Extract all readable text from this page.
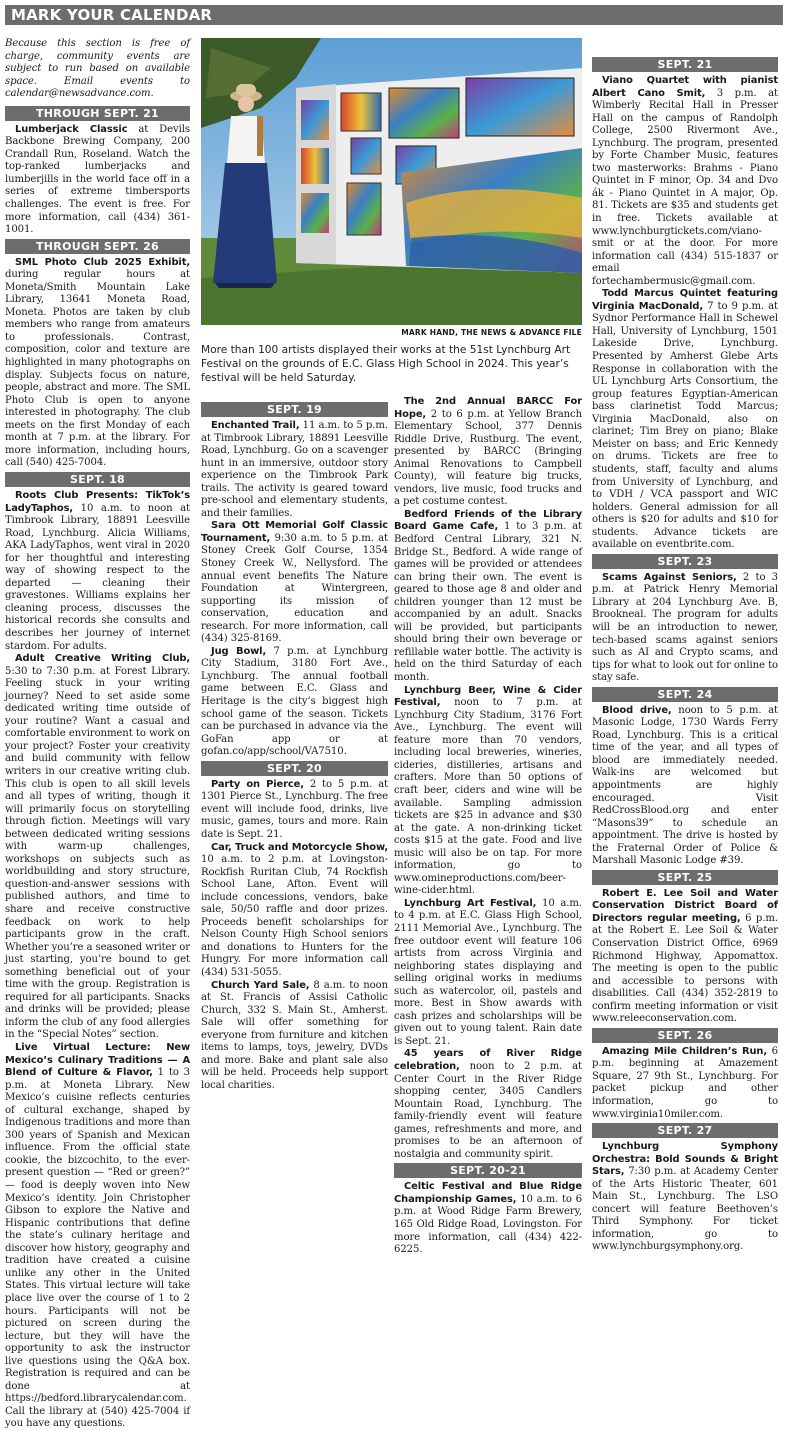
MARK YOUR CALENDAR

Because this section is free of charge, community events are subject to run based on available space. Email events to calendar@newsadvance.com.

THROUGH SEPT. 21

Lumberjack Classic at Devils Backbone Brewing Company, 200 Crandall Run, Roseland. Watch the top-ranked lumberjacks and lumberjills in the world face off in a series of extreme timbersports challenges. The event is free. For more information, call (434) 361-1001.

THROUGH SEPT. 26

SML Photo Club 2025 Exhibit, during regular hours at Moneta/Smith Mountain Lake Library, 13641 Moneta Road, Moneta. Photos are taken by club members who range from amateurs to professionals. Contrast, composition, color and texture are highlighted in many photographs on display. Subjects focus on nature, people, abstract and more. The SML Photo Club is open to anyone interested in photography. The club meets on the first Monday of each month at 7 p.m. at the library. For more information, including hours, call (540) 425-7004.

SEPT. 18

Roots Club Presents: TikTok’s LadyTaphos, 10 a.m. to noon at Timbrook Library, 18891 Leesville Road, Lynchburg. Alicia Williams, AKA LadyTaphos, went viral in 2020 for her thoughtful and interesting way of showing respect to the departed — cleaning their gravestones. Williams explains her cleaning process, discusses the historical records she consults and describes her journey of internet stardom. For adults.

Adult Creative Writing Club, 5:30 to 7:30 p.m. at Forest Library. Feeling stuck in your writing journey? Need to set aside some dedicated writing time outside of your routine? Want a casual and comfortable environment to work on your project? Foster your creativity and build community with fellow writers in our creative writing club. This club is open to all skill levels and all types of writing, though it will primarily focus on storytelling through fiction. Meetings will vary between dedicated writing sessions with warm-up challenges, workshops on subjects such as worldbuilding and story structure, question-and-answer sessions with published authors, and time to share and receive constructive feedback on work to help participants grow in the craft. Whether you’re a seasoned writer or just starting, you’re bound to get something beneficial out of your time with the group. Registration is required for all participants. Snacks and drinks will be provided; please inform the club of any food allergies in the “Special Notes” section.

Live Virtual Lecture: New Mexico’s Culinary Traditions — A Blend of Culture & Flavor, 1 to 3 p.m. at Moneta Library. New Mexico’s cuisine reflects centuries of cultural exchange, shaped by Indigenous traditions and more than 300 years of Spanish and Mexican influence. From the official state cookie, the bizcochito, to the ever-present question — “Red or green?” — food is deeply woven into New Mexico’s identity. Join Christopher Gibson to explore the Native and Hispanic contributions that define the state’s culinary heritage and discover how history, geography and tradition have created a cuisine unlike any other in the United States. This virtual lecture will take place live over the course of 1 to 2 hours. Participants will not be pictured on screen during the lecture, but they will have the opportunity to ask the instructor live questions using the Q&A box. Registration is required and can be done at https://bedford.librarycalendar.com. Call the library at (540) 425-7004 if you have any questions.

MARK HAND, THE NEWS & ADVANCE FILE
More than 100 artists displayed their works at the 51st Lynchburg Art Festival on the grounds of E.C. Glass High School in 2024. This year’s festival will be held Saturday.

SEPT. 19

Enchanted Trail, 11 a.m. to 5 p.m. at Timbrook Library, 18891 Leesville Road, Lynchburg. Go on a scavenger hunt in an immersive, outdoor story experience on the Timbrook Park trails. The activity is geared toward pre-school and elementary students, and their families.

Sara Ott Memorial Golf Classic Tournament, 9:30 a.m. to 5 p.m. at Stoney Creek Golf Course, 1354 Stoney Creek W., Nellysford. The annual event benefits The Nature Foundation at Wintergreen, supporting its mission of conservation, education and research. For more information, call (434) 325-8169.

Jug Bowl, 7 p.m. at Lynchburg City Stadium, 3180 Fort Ave., Lynchburg. The annual football game between E.C. Glass and Heritage is the city’s biggest high school game of the season. Tickets can be purchased in advance via the GoFan app or at gofan.co/app/school/VA7510.

SEPT. 20

Party on Pierce, 2 to 5 p.m. at 1301 Pierce St., Lynchburg. The free event will include food, drinks, live music, games, tours and more. Rain date is Sept. 21.

Car, Truck and Motorcycle Show, 10 a.m. to 2 p.m. at Lovingston-Rockfish Ruritan Club, 74 Rockfish School Lane, Afton. Event will include concessions, vendors, bake sale, 50/50 raffle and door prizes. Proceeds benefit scholarships for Nelson County High School seniors and donations to Hunters for the Hungry. For more information call (434) 531-5055.

Church Yard Sale, 8 a.m. to noon at St. Francis of Assisi Catholic Church, 332 S. Main St., Amherst. Sale will offer something for everyone from furniture and kitchen items to lamps, toys, jewelry, DVDs and more. Bake and plant sale also will be held. Proceeds help support local charities.

The 2nd Annual BARCC For Hope, 2 to 6 p.m. at Yellow Branch Elementary School, 377 Dennis Riddle Drive, Rustburg. The event, presented by BARCC (Bringing Animal Renovations to Campbell County), will feature big trucks, vendors, live music, food trucks and a pet costume contest.

Bedford Friends of the Library Board Game Cafe, 1 to 3 p.m. at Bedford Central Library, 321 N. Bridge St., Bedford. A wide range of games will be provided or attendees can bring their own. The event is geared to those age 8 and older and children younger than 12 must be accompanied by an adult. Snacks will be provided, but participants should bring their own beverage or refillable water bottle. The activity is held on the third Saturday of each month.

Lynchburg Beer, Wine & Cider Festival, noon to 7 p.m. at Lynchburg City Stadium, 3176 Fort Ave., Lynchburg. The event will feature more than 70 vendors, including local breweries, wineries, cideries, distilleries, artisans and crafters. More than 50 options of craft beer, ciders and wine will be available. Sampling admission tickets are $25 in advance and $30 at the gate. A non-drinking ticket costs $15 at the gate. Food and live music will also be on tap. For more information, go to www.omineproductions.com/beer-wine-cider.html.

Lynchburg Art Festival, 10 a.m. to 4 p.m. at E.C. Glass High School, 2111 Memorial Ave., Lynchburg. The free outdoor event will feature 106 artists from across Virginia and neighboring states displaying and selling original works in mediums such as watercolor, oil, pastels and more. Best in Show awards with cash prizes and scholarships will be given out to young talent. Rain date is Sept. 21.

45 years of River Ridge celebration, noon to 2 p.m. at Center Court in the River Ridge shopping center, 3405 Candlers Mountain Road, Lynchburg. The family-friendly event will feature games, refreshments and more, and promises to be an afternoon of nostalgia and community spirit.

SEPT. 20-21

Celtic Festival and Blue Ridge Championship Games, 10 a.m. to 6 p.m. at Wood Ridge Farm Brewery, 165 Old Ridge Road, Lovingston. For more information, call (434) 422-6225.

SEPT. 21

Viano Quartet with pianist Albert Cano Smit, 3 p.m. at Wimberly Recital Hall in Presser Hall on the campus of Randolph College, 2500 Rivermont Ave., Lynchburg. The program, presented by Forte Chamber Music, features two masterworks: Brahms - Piano Quintet in F minor, Op. 34 and Dvo ák - Piano Quintet in A major, Op. 81. Tickets are $35 and students get in free. Tickets available at www.lynchburgtickets.com/viano-smit or at the door. For more information call (434) 515-1837 or email fortechambermusic@gmail.com.

Todd Marcus Quintet featuring Virginia MacDonald, 7 to 9 p.m. at Sydnor Performance Hall in Schewel Hall, University of Lynchburg, 1501 Lakeside Drive, Lynchburg. Presented by Amherst Glebe Arts Response in collaboration with the UL Lynchburg Arts Consortium, the group features Egyptian-American bass clarinetist Todd Marcus; Virginia MacDonald, also on clarinet; Tim Brey on piano; Blake Meister on bass; and Eric Kennedy on drums. Tickets are free to students, staff, faculty and alums from University of Lynchburg, and to VDH / VCA passport and WIC holders. General admission for all others is $20 for adults and $10 for students. Advance tickets are available on eventbrite.com.

SEPT. 23

Scams Against Seniors, 2 to 3 p.m. at Patrick Henry Memorial Library at 204 Lynchburg Ave. B, Brookneal. The program for adults will be an introduction to newer, tech-based scams against seniors such as AI and Crypto scams, and tips for what to look out for online to stay safe.

SEPT. 24

Blood drive, noon to 5 p.m. at Masonic Lodge, 1730 Wards Ferry Road, Lynchburg. This is a critical time of the year, and all types of blood are immediately needed. Walk-ins are welcomed but appointments are highly encouraged. Visit RedCrossBlood.org and enter “Masons39” to schedule an appointment. The drive is hosted by the Fraternal Order of Police & Marshall Masonic Lodge #39.

SEPT. 25

Robert E. Lee Soil and Water Conservation District Board of Directors regular meeting, 6 p.m. at the Robert E. Lee Soil & Water Conservation District Office, 6969 Richmond Highway, Appomattox. The meeting is open to the public and accessible to persons with disabilities. Call (434) 352-2819 to confirm meeting information or visit www.releeconservation.com.

SEPT. 26

Amazing Mile Children’s Run, 6 p.m. beginning at Amazement Square, 27 9th St., Lynchburg. For packet pickup and other information, go to www.virginia10miler.com.

SEPT. 27

Lynchburg Symphony Orchestra: Bold Sounds & Bright Stars, 7:30 p.m. at Academy Center of the Arts Historic Theater, 601 Main St., Lynchburg. The LSO concert will feature Beethoven’s Third Symphony. For ticket information, go to www.lynchburgsymphony.org.
